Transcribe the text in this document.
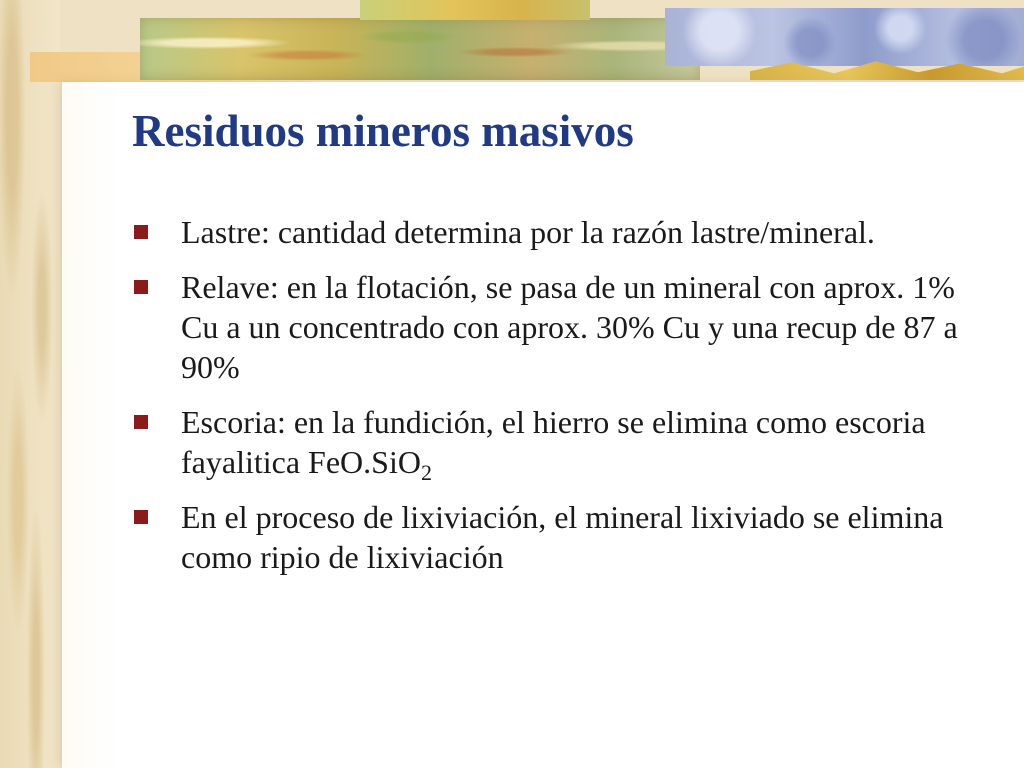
Residuos mineros masivos
Lastre: cantidad determina por la razón lastre/mineral.
Relave: en la flotación, se pasa de un mineral con aprox. 1% Cu a un concentrado con aprox. 30% Cu y una recup de 87 a 90%
Escoria: en la fundición, el hierro se elimina como escoria fayalitica FeO.SiO$_2$
En el proceso de lixiviación, el mineral lixiviado se elimina como ripio de lixiviación
